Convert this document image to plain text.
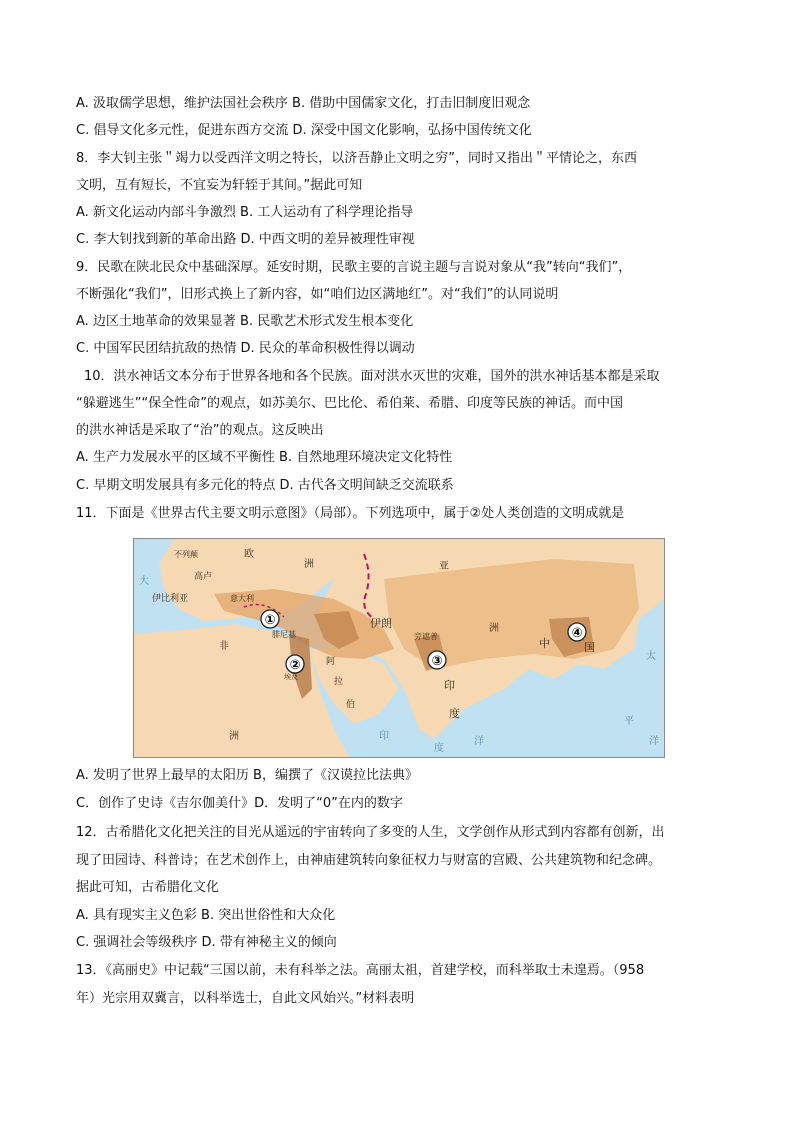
A. 汲取儒学思想，维护法国社会秩序 B. 借助中国儒家文化，打击旧制度旧观念
C. 倡导文化多元性，促进东西方交流 D. 深受中国文化影响，弘扬中国传统文化
8．李大钊主张＂竭力以受西洋文明之特长，以济吾静止文明之穷”，同时又指出＂平情论之，东西
文明，互有短长，不宜妄为轩轾于其间。”据此可知
A. 新文化运动内部斗争激烈 B. 工人运动有了科学理论指导
C. 李大钊找到新的革命出路 D. 中西文明的差异被理性审视
9．民歌在陕北民众中基础深厚。延安时期，民歌主要的言说主题与言说对象从“我”转向“我们”，
不断强化“我们”，旧形式换上了新内容，如“咱们边区满地红”。对“我们”的认同说明
A. 边区土地革命的效果显著 B. 民歌艺术形式发生根本变化
C. 中国军民团结抗敌的热情 D. 民众的革命积极性得以调动
10．洪水神话文本分布于世界各地和各个民族。面对洪水灭世的灾难，国外的洪水神话基本都是采取
“躲避逃生”“保全性命”的观点，如苏美尔、巴比伦、希伯莱、希腊、印度等民族的神话。而中国
的洪水神话是采取了“治”的观点。这反映出
A. 生产力发展水平的区域不平衡性 B. 自然地理环境决定文化特性
C. 早期文明发展具有多元化的特点 D. 古代各文明间缺乏交流联系
11．下面是《世界古代主要文明示意图》（局部）。下列选项中，属于②处人类创造的文明成就是
①
②	③
④
不列颠
高卢
伊比利亚	意大利
腓尼基
伊朗
旁遮普
印
度
中	国
欧
洲	亚
洲
非
洲
阿
拉
伯
埃及
大
印
度
洋
太
平
洋
A. 发明了世界上最早的太阳历 B，编撰了《汉谟拉比法典》
C．创作了史诗《吉尔伽美什》D．发明了“0”在内的数字
12．古希腊化文化把关注的目光从遥远的宇宙转向了多变的人生，文学创作从形式到内容都有创新，出
现了田园诗、科普诗；在艺术创作上，由神庙建筑转向象征权力与财富的宫殿、公共建筑物和纪念碑。
据此可知，古希腊化文化
A. 具有现实主义色彩 B. 突出世俗性和大众化
C. 强调社会等级秩序 D. 带有神秘主义的倾向
13．《高丽史》中记载“三国以前，未有科举之法。高丽太祖，首建学校，而科举取士未遑焉。（958
年）光宗用双冀言，以科举选士，自此文风始兴。”材料表明
